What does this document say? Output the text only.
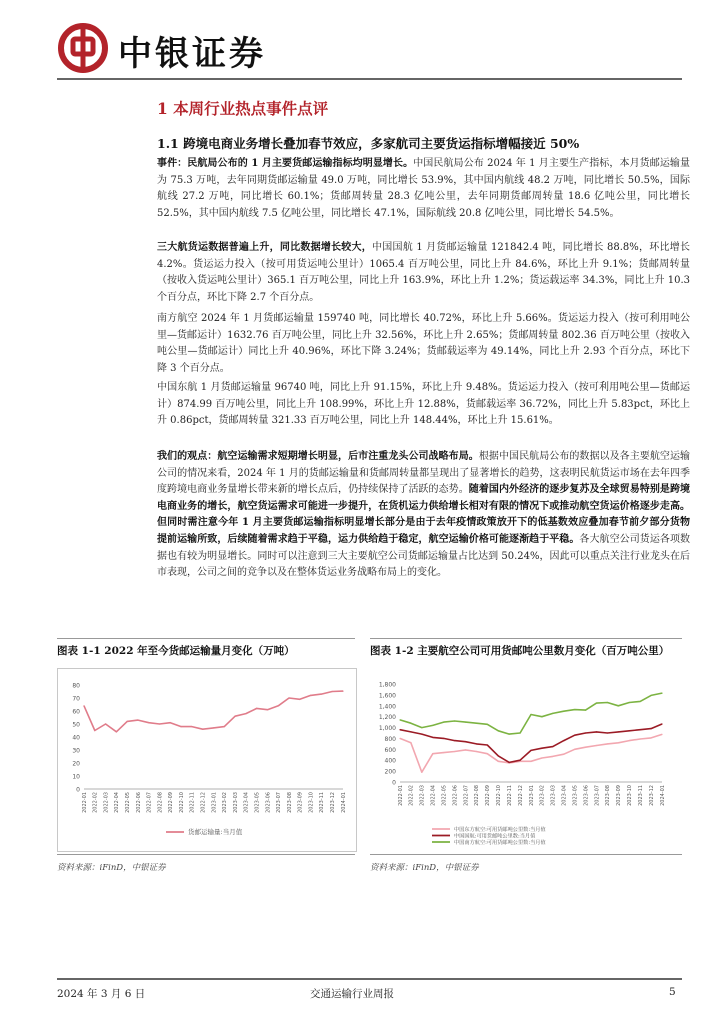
中银证券
1 本周行业热点事件点评
1.1 跨境电商业务增长叠加春节效应，多家航司主要货运指标增幅接近 50%
事件：民航局公布的 1 月主要货邮运输指标均明显增长。中国民航局公布 2024 年 1 月主要生产指标，本月货邮运输量为 75.3 万吨，去年同期货邮运输量 49.0 万吨，同比增长 53.9%，其中国内航线 48.2 万吨，同比增长 50.5%，国际航线 27.2 万吨，同比增长 60.1%；货邮周转量 28.3 亿吨公里，去年同期货邮周转量 18.6 亿吨公里，同比增长 52.5%，其中国内航线 7.5 亿吨公里，同比增长 47.1%，国际航线 20.8 亿吨公里，同比增长 54.5%。
三大航货运数据普遍上升，同比数据增长较大，中国国航 1 月货邮运输量 121842.4 吨，同比增长 88.8%，环比增长 4.2%。货运运力投入（按可用货运吨公里计）1065.4 百万吨公里，同比上升 84.6%，环比上升 9.1%；货邮周转量（按收入货运吨公里计）365.1 百万吨公里，同比上升 163.9%，环比上升 1.2%；货运载运率 34.3%，同比上升 10.3 个百分点，环比下降 2.7 个百分点。
南方航空 2024 年 1 月货邮运输量 159740 吨，同比增长 40.72%，环比上升 5.66%。货运运力投入（按可利用吨公里—货邮运计）1632.76 百万吨公里，同比上升 32.56%，环比上升 2.65%；货邮周转量 802.36 百万吨公里（按收入吨公里—货邮运计）同比上升 40.96%，环比下降 3.24%；货邮载运率为 49.14%，同比上升 2.93 个百分点，环比下降 3 个百分点。
中国东航 1 月货邮运输量 96740 吨，同比上升 91.15%，环比上升 9.48%。货运运力投入（按可利用吨公里—货邮运计）874.99 百万吨公里，同比上升 108.99%，环比上升 12.88%，货邮载运率 36.72%，同比上升 5.83pct，环比上升 0.86pct，货邮周转量 321.33 百万吨公里，同比上升 148.44%，环比上升 15.61%。
我们的观点：航空运输需求短期增长明显，后市注重龙头公司战略布局。根据中国民航局公布的数据以及各主要航空运输公司的情况来看，2024 年 1 月的货邮运输量和货邮周转量都呈现出了显著增长的趋势，这表明民航货运市场在去年四季度跨境电商业务量增长带来新的增长点后，仍持续保持了活跃的态势。随着国内外经济的逐步复苏及全球贸易特别是跨境电商业务的增长，航空货运需求可能进一步提升，在货机运力供给增长相对有限的情况下或推动航空货运价格逐步走高。但同时需注意今年 1 月主要货邮运输指标明显增长部分是由于去年疫情政策放开下的低基数效应叠加春节前夕部分货物提前运输所致，后续随着需求趋于平稳，运力供给趋于稳定，航空运输价格可能逐渐趋于平稳。各大航空公司货运各项数据也有较为明显增长。同时可以注意到三大主要航空公司货邮运输量占比达到 50.24%，因此可以重点关注行业龙头在后市表现，公司之间的竞争以及在整体货运业务战略布局上的变化。
图表 1-1 2022 年至今货邮运输量月变化（万吨）
0
10
20
30
40
50
60
70
80
2022-01 2022-02 2022-03 2022-04 2022-05 2022-06 2022-07 2022-08 2022-09 2022-10 2022-11 2022-12 2023-01 2023-02 2023-03 2023-04 2023-05 2023-06 2023-07 2023-08 2023-09 2023-10 2023-11 2023-12 2024-01
货邮运输量:当月值
资料来源：iFinD，中银证券
图表 1-2 主要航空公司可用货邮吨公里数月变化（百万吨公里）
0
200
400
600
800
1,000
1,200
1,400
1,600
1,800
2022-01 2022-02 2022-03 2022-04 2022-05 2022-06 2022-07 2022-08 2022-09 2022-10 2022-11 2022-12 2023-01 2023-02 2023-03 2023-04 2023-05 2023-06 2023-07 2023-08 2023-09 2023-10 2023-11 2023-12 2024-01
中国东方航空:可用货邮吨公里数:当月值
中国国航:可用货邮吨公里数:当月值
中国南方航空:可用货邮吨公里数:当月值
资料来源：iFinD，中银证券
2024 年 3 月 6 日	交通运输行业周报	5
